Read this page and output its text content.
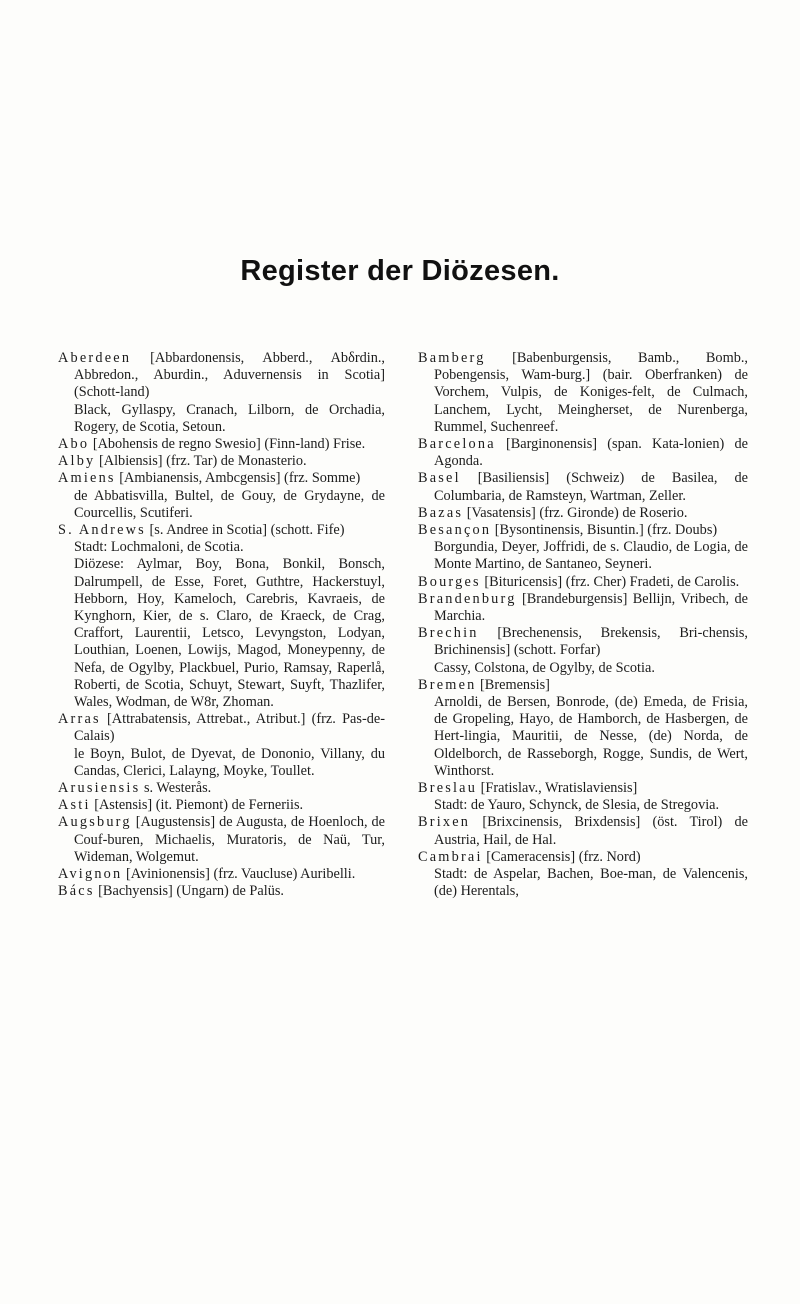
Register der Diözesen.

Aberdeen [Abbardonensis, Abberd., Abδrdin., Abbredon., Aburdin., Aduvernensis in Scotia] (Schott-land)

Black, Gyllaspy, Cranach, Lilborn, de Orchadia, Rogery, de Scotia, Setoun.

Abo [Abohensis de regno Swesio] (Finn-land) Frise.

Alby [Albiensis] (frz. Tar) de Monasterio.

Amiens [Ambianensis, Ambcgensis] (frz. Somme)

de Abbatisvilla, Bultel, de Gouy, de Grydayne, de Courcellis, Scutiferi.

S. Andrews [s. Andree in Scotia] (schott. Fife)

Stadt: Lochmaloni, de Scotia.

Diözese: Aylmar, Boy, Bona, Bonkil, Bonsch, Dalrumpell, de Esse, Foret, Guthtre, Hackerstuyl, Hebborn, Hoy, Kameloch, Carebris, Kavraeis, de Kynghorn, Kier, de s. Claro, de Kraeck, de Crag, Craffort, Laurentii, Letsco, Levyngston, Lodyan, Louthian, Loenen, Lowijs, Magod, Moneypenny, de Nefa, de Ogylby, Plackbuel, Purio, Ramsay, Raperlå, Roberti, de Scotia, Schuyt, Stewart, Suyft, Thazlifer, Wales, Wodman, de W8r, Zhoman.

Arras [Attrabatensis, Attrebat., Atribut.] (frz. Pas-de-Calais)

le Boyn, Bulot, de Dyevat, de Dononio, Villany, du Candas, Clerici, Lalayng, Moyke, Toullet.

Arusiensis s. Westerås.

Asti [Astensis] (it. Piemont) de Ferneriis.

Augsburg [Augustensis] de Augusta, de Hoenloch, de Couf-buren, Michaelis, Muratoris, de Naü, Tur, Wideman, Wolgemut.

Avignon [Avinionensis] (frz. Vaucluse) Auribelli.

Bács [Bachyensis] (Ungarn) de Palüs.

Bamberg [Babenburgensis, Bamb., Bomb., Pobengensis, Wam-burg.] (bair. Oberfranken) de Vorchem, Vulpis, de Koniges-felt, de Culmach, Lanchem, Lycht, Meingherset, de Nurenberga, Rummel, Suchenreef.

Barcelona [Barginonensis] (span. Kata-lonien) de Agonda.

Basel [Basiliensis] (Schweiz) de Basilea, de Columbaria, de Ramsteyn, Wartman, Zeller.

Bazas [Vasatensis] (frz. Gironde) de Roserio.

Besançon [Bysontinensis, Bisuntin.] (frz. Doubs)

Borgundia, Deyer, Joffridi, de s. Claudio, de Logia, de Monte Martino, de Santaneo, Seyneri.

Bourges [Bituricensis] (frz. Cher) Fradeti, de Carolis.

Brandenburg [Brandeburgensis] Bellijn, Vribech, de Marchia.

Brechin [Brechenensis, Brekensis, Bri-chensis, Brichinensis] (schott. Forfar)

Cassy, Colstona, de Ogylby, de Scotia.

Bremen [Bremensis]

Arnoldi, de Bersen, Bonrode, (de) Emeda, de Frisia, de Gropeling, Hayo, de Hamborch, de Hasbergen, de Hert-lingia, Mauritii, de Nesse, (de) Norda, de Oldelborch, de Rasseborgh, Rogge, Sundis, de Wert, Winthorst.

Breslau [Fratislav., Wratislaviensis]

Stadt: de Yauro, Schynck, de Slesia, de Stregovia.

Brixen [Brixcinensis, Brixdensis] (öst. Tirol) de Austria, Hail, de Hal.

Cambrai [Cameracensis] (frz. Nord)

Stadt: de Aspelar, Bachen, Boe-man, de Valencenis, (de) Herentals,
